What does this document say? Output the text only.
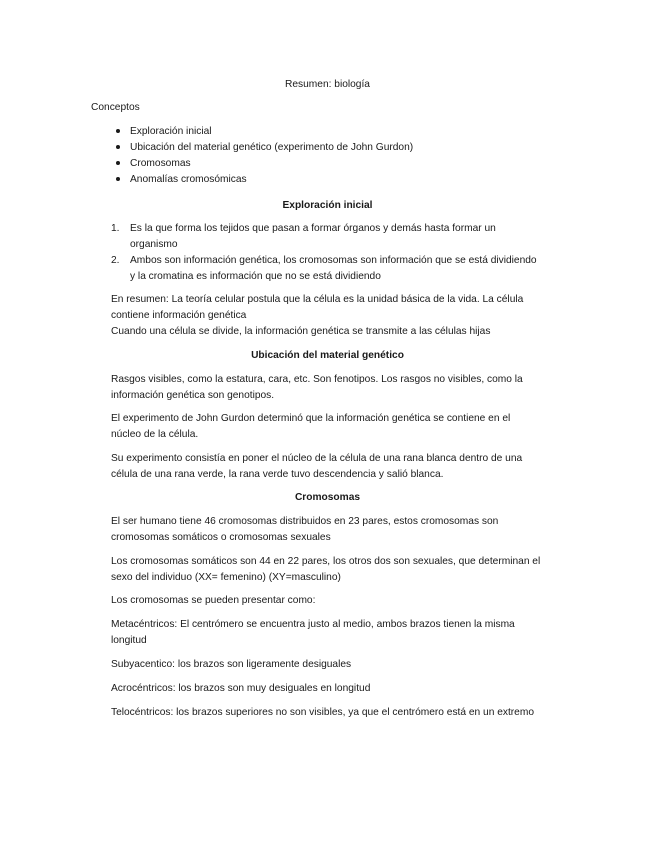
Resumen: biología
Conceptos
Exploración inicial
Ubicación del material genético (experimento de John Gurdon)
Cromosomas
Anomalías cromosómicas
Exploración inicial
1. Es la que forma los tejidos que pasan a formar órganos y demás hasta formar un
organismo
2. Ambos son información genética, los cromosomas son información que se está dividiendo
y la cromatina es información que no se está dividiendo
En resumen: La teoría celular postula que la célula es la unidad básica de la vida. La célula
contiene información genética
Cuando una célula se divide, la información genética se transmite a las células hijas
Ubicación del material genético
Rasgos visibles, como la estatura, cara, etc. Son fenotipos. Los rasgos no visibles, como la
información genética son genotipos.
El experimento de John Gurdon determinó que la información genética se contiene en el
núcleo de la célula.
Su experimento consistía en poner el núcleo de la célula de una rana blanca dentro de una
célula de una rana verde, la rana verde tuvo descendencia y salió blanca.
Cromosomas
El ser humano tiene 46 cromosomas distribuidos en 23 pares, estos cromosomas son
cromosomas somáticos o cromosomas sexuales
Los cromosomas somáticos son 44 en 22 pares, los otros dos son sexuales, que determinan el
sexo del individuo (XX= femenino) (XY=masculino)
Los cromosomas se pueden presentar como:
Metacéntricos: El centrómero se encuentra justo al medio, ambos brazos tienen la misma
longitud
Subyacentico: los brazos son ligeramente desiguales
Acrocéntricos: los brazos son muy desiguales en longitud
Telocéntricos: los brazos superiores no son visibles, ya que el centrómero está en un extremo
